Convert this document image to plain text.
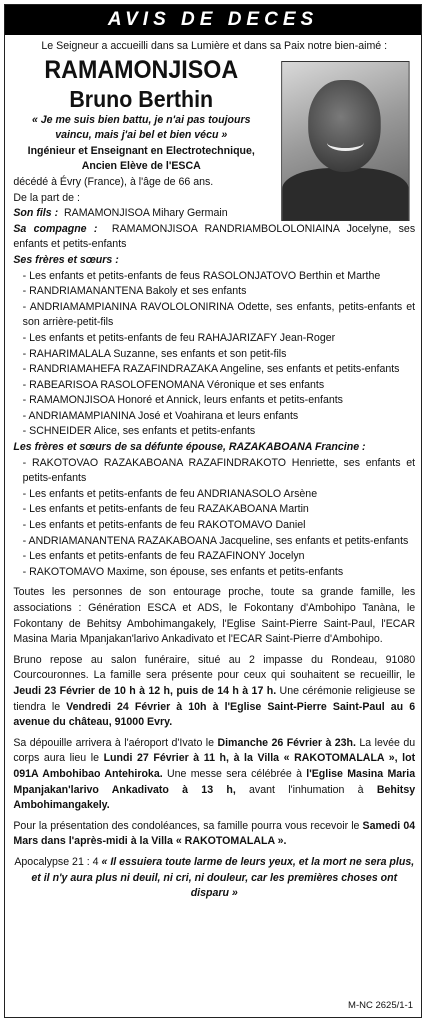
AVIS DE DECES
Le Seigneur a accueilli dans sa Lumière et dans sa Paix notre bien-aimé :
RAMAMONJISOA
Bruno Berthin
« Je me suis bien battu, je n'ai pas toujours vaincu, mais j'ai bel et bien vécu »
Ingénieur et Enseignant en Electrotechnique,
Ancien Elève de l'ESCA
décédé à Évry (France), à l'âge de 66 ans.
De la part de :
Son fils : RAMAMONJISOA Mihary Germain
Sa compagne : RAMAMONJISOA RANDRIAMBOLOLONIAINA Jocelyne, ses enfants et petits-enfants
Ses frères et sœurs :
- Les enfants et petits-enfants de feus RASOLONJATOVO Berthin et Marthe
- RANDRIAMANANTENA Bakoly et ses enfants
- ANDRIAMAMPIANINA RAVOLOLONIRINA Odette, ses enfants, petits-enfants et son arrière-petit-fils
- Les enfants et petits-enfants de feu RAHAJARIZAFY Jean-Roger
- RAHARIMALALA Suzanne, ses enfants et son petit-fils
- RANDRIAMAHEFA RAZAFINDRAZAKA Angeline, ses enfants et petits-enfants
- RABEARISOA RASOLOFENOMANA Véronique et ses enfants
- RAMAMONJISOA Honoré et Annick, leurs enfants et petits-enfants
- ANDRIAMAMPIANINA José et Voahirana et leurs enfants
- SCHNEIDER Alice, ses enfants et petits-enfants
Les frères et sœurs de sa défunte épouse, RAZAKABOANA Francine :
- RAKOTOVAO RAZAKABOANA RAZAFINDRAKOTO Henriette, ses enfants et petits-enfants
- Les enfants et petits-enfants de feu ANDRIANASOLO Arsène
- Les enfants et petits-enfants de feu RAZAKABOANA Martin
- Les enfants et petits-enfants de feu RAKOTOMAVO Daniel
- ANDRIAMANANTENA RAZAKABOANA Jacqueline, ses enfants et petits-enfants
- Les enfants et petits-enfants de feu RAZAFINONY Jocelyn
- RAKOTOMAVO Maxime, son épouse, ses enfants et petits-enfants
Toutes les personnes de son entourage proche, toute sa grande famille, les associations : Génération ESCA et ADS, le Fokontany d'Ambohipo Tanàna, le Fokontany de Behitsy Ambohimangakely, l'Eglise Saint-Pierre Saint-Paul, l'ECAR Masina Maria Mpanjakan'larivo Ankadivato et l'ECAR Saint-Pierre d'Ambohipo.
Bruno repose au salon funéraire, situé au 2 impasse du Rondeau, 91080 Courcouronnes. La famille sera présente pour ceux qui souhaitent se recueillir, le Jeudi 23 Février de 10 h à 12 h, puis de 14 h à 17 h. Une cérémonie religieuse se tiendra le Vendredi 24 Février à 10h à l'Eglise Saint-Pierre Saint-Paul au 6 avenue du château, 91000 Evry.
Sa dépouille arrivera à l'aéroport d'Ivato le Dimanche 26 Février à 23h. La levée du corps aura lieu le Lundi 27 Février à 11 h, à la Villa « RAKOTOMALALA », lot 091A Ambohibao Antehiroka. Une messe sera célébrée à l'Eglise Masina Maria Mpanjakan'larivo Ankadivato à 13 h, avant l'inhumation à Behitsy Ambohimangakely.
Pour la présentation des condoléances, sa famille pourra vous recevoir le Samedi 04 Mars dans l'après-midi à la Villa « RAKOTOMALALA ».
Apocalypse 21 : 4 « Il essuiera toute larme de leurs yeux, et la mort ne sera plus, et il n'y aura plus ni deuil, ni cri, ni douleur, car les premières choses ont disparu »
M-NC 2625/1-1
